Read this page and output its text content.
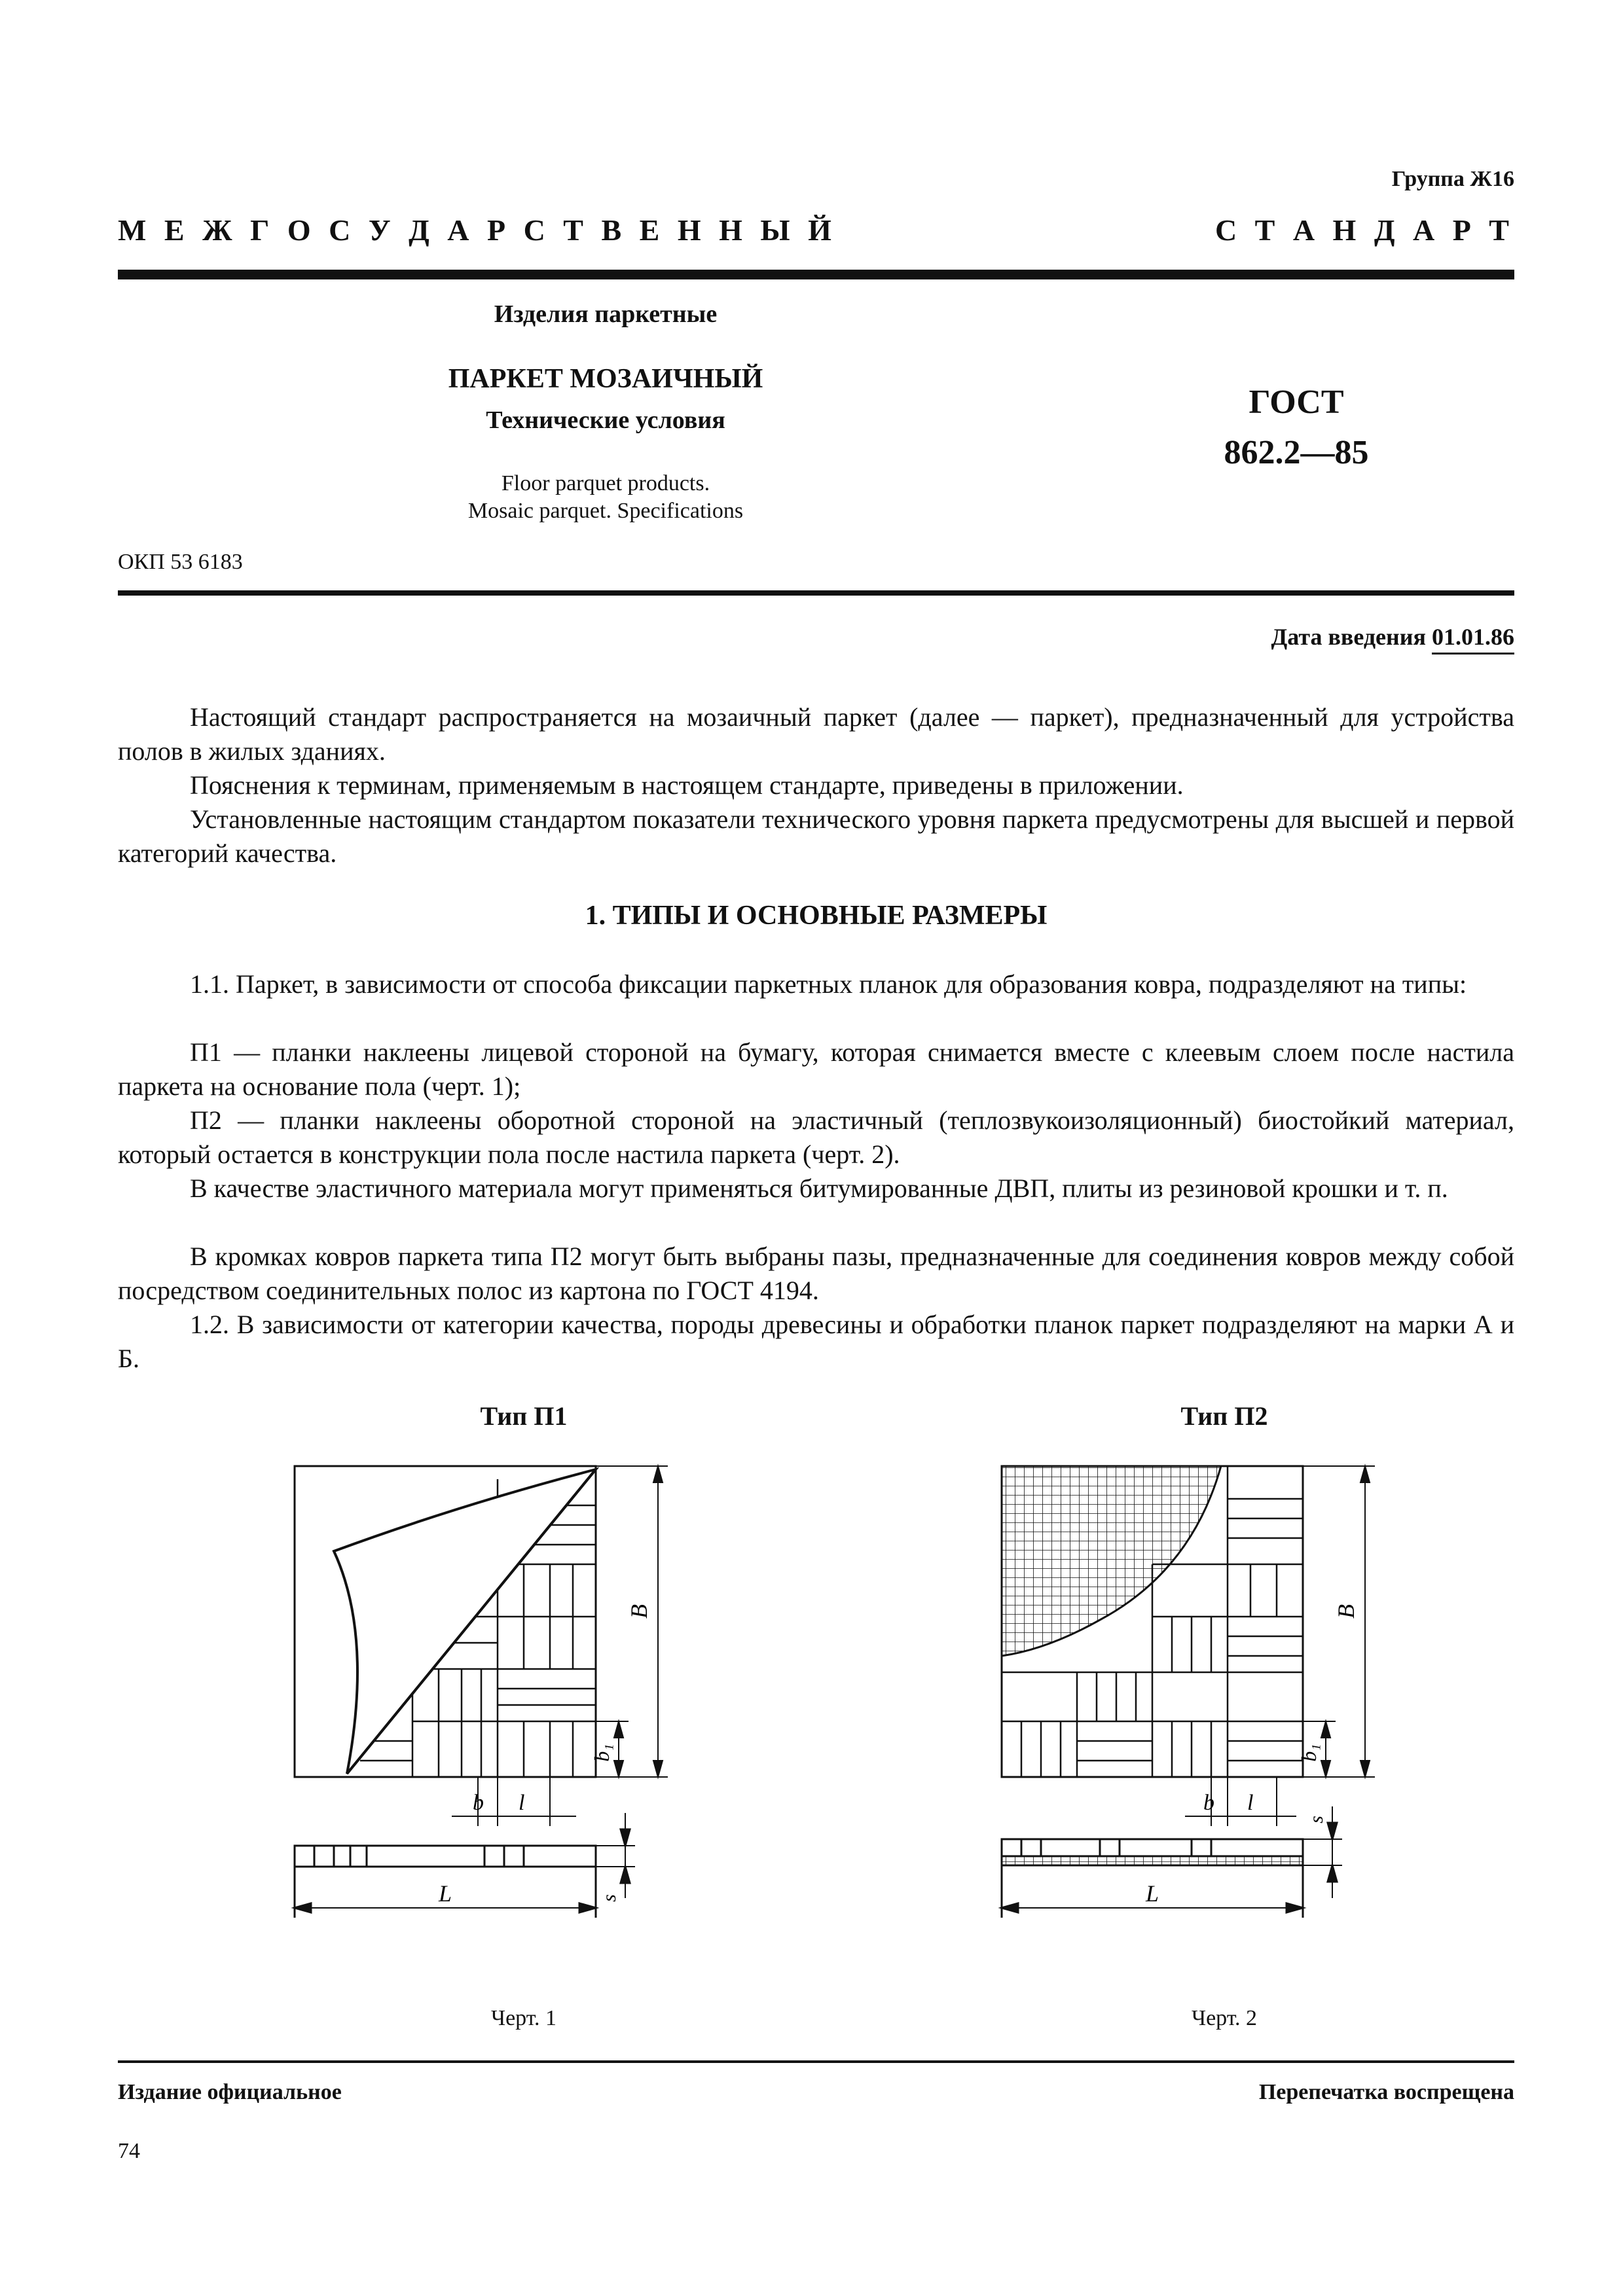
Группа Ж16
М Е Ж Г О С У Д А Р С Т В Е Н Н Ы Й	С Т А Н Д А Р Т
Изделия паркетные
ПАРКЕТ МОЗАИЧНЫЙ
Технические условия
Floor parquet products.
Mosaic parquet. Specifications
ГОСТ
862.2—85
ОКП 53 6183
Дата введения 01.01.86

Настоящий стандарт распространяется на мозаичный паркет (далее — паркет), предназначенный для устройства полов в жилых зданиях.

Пояснения к терминам, применяемым в настоящем стандарте, приведены в приложении.

Установленные настоящим стандартом показатели технического уровня паркета предусмотрены для высшей и первой категорий качества.

1. ТИПЫ И ОСНОВНЫЕ РАЗМЕРЫ

1.1. Паркет, в зависимости от способа фиксации паркетных планок для образования ковра, подразделяют на типы:

П1 — планки наклеены лицевой стороной на бумагу, которая снимается вместе с клеевым слоем после настила паркета на основание пола (черт. 1);

П2 — планки наклеены оборотной стороной на эластичный (теплозвукоизоляционный) биостойкий материал, который остается в конструкции пола после настила паркета (черт. 2).

В качестве эластичного материала могут применяться битумированные ДВП, плиты из резиновой крошки и т. п.

В кромках ковров паркета типа П2 могут быть выбраны пазы, предназначенные для соединения ковров между собой посредством соединительных полос из картона по ГОСТ 4194.

1.2. В зависимости от категории качества, породы древесины и обработки планок паркет подразделяют на марки А и Б.

Тип П1	Тип П2
B
b₁
b l
L	s
B
b₁
b l
L
s
Черт. 1	Черт. 2
Издание официальное	Перепечатка воспрещена
74
